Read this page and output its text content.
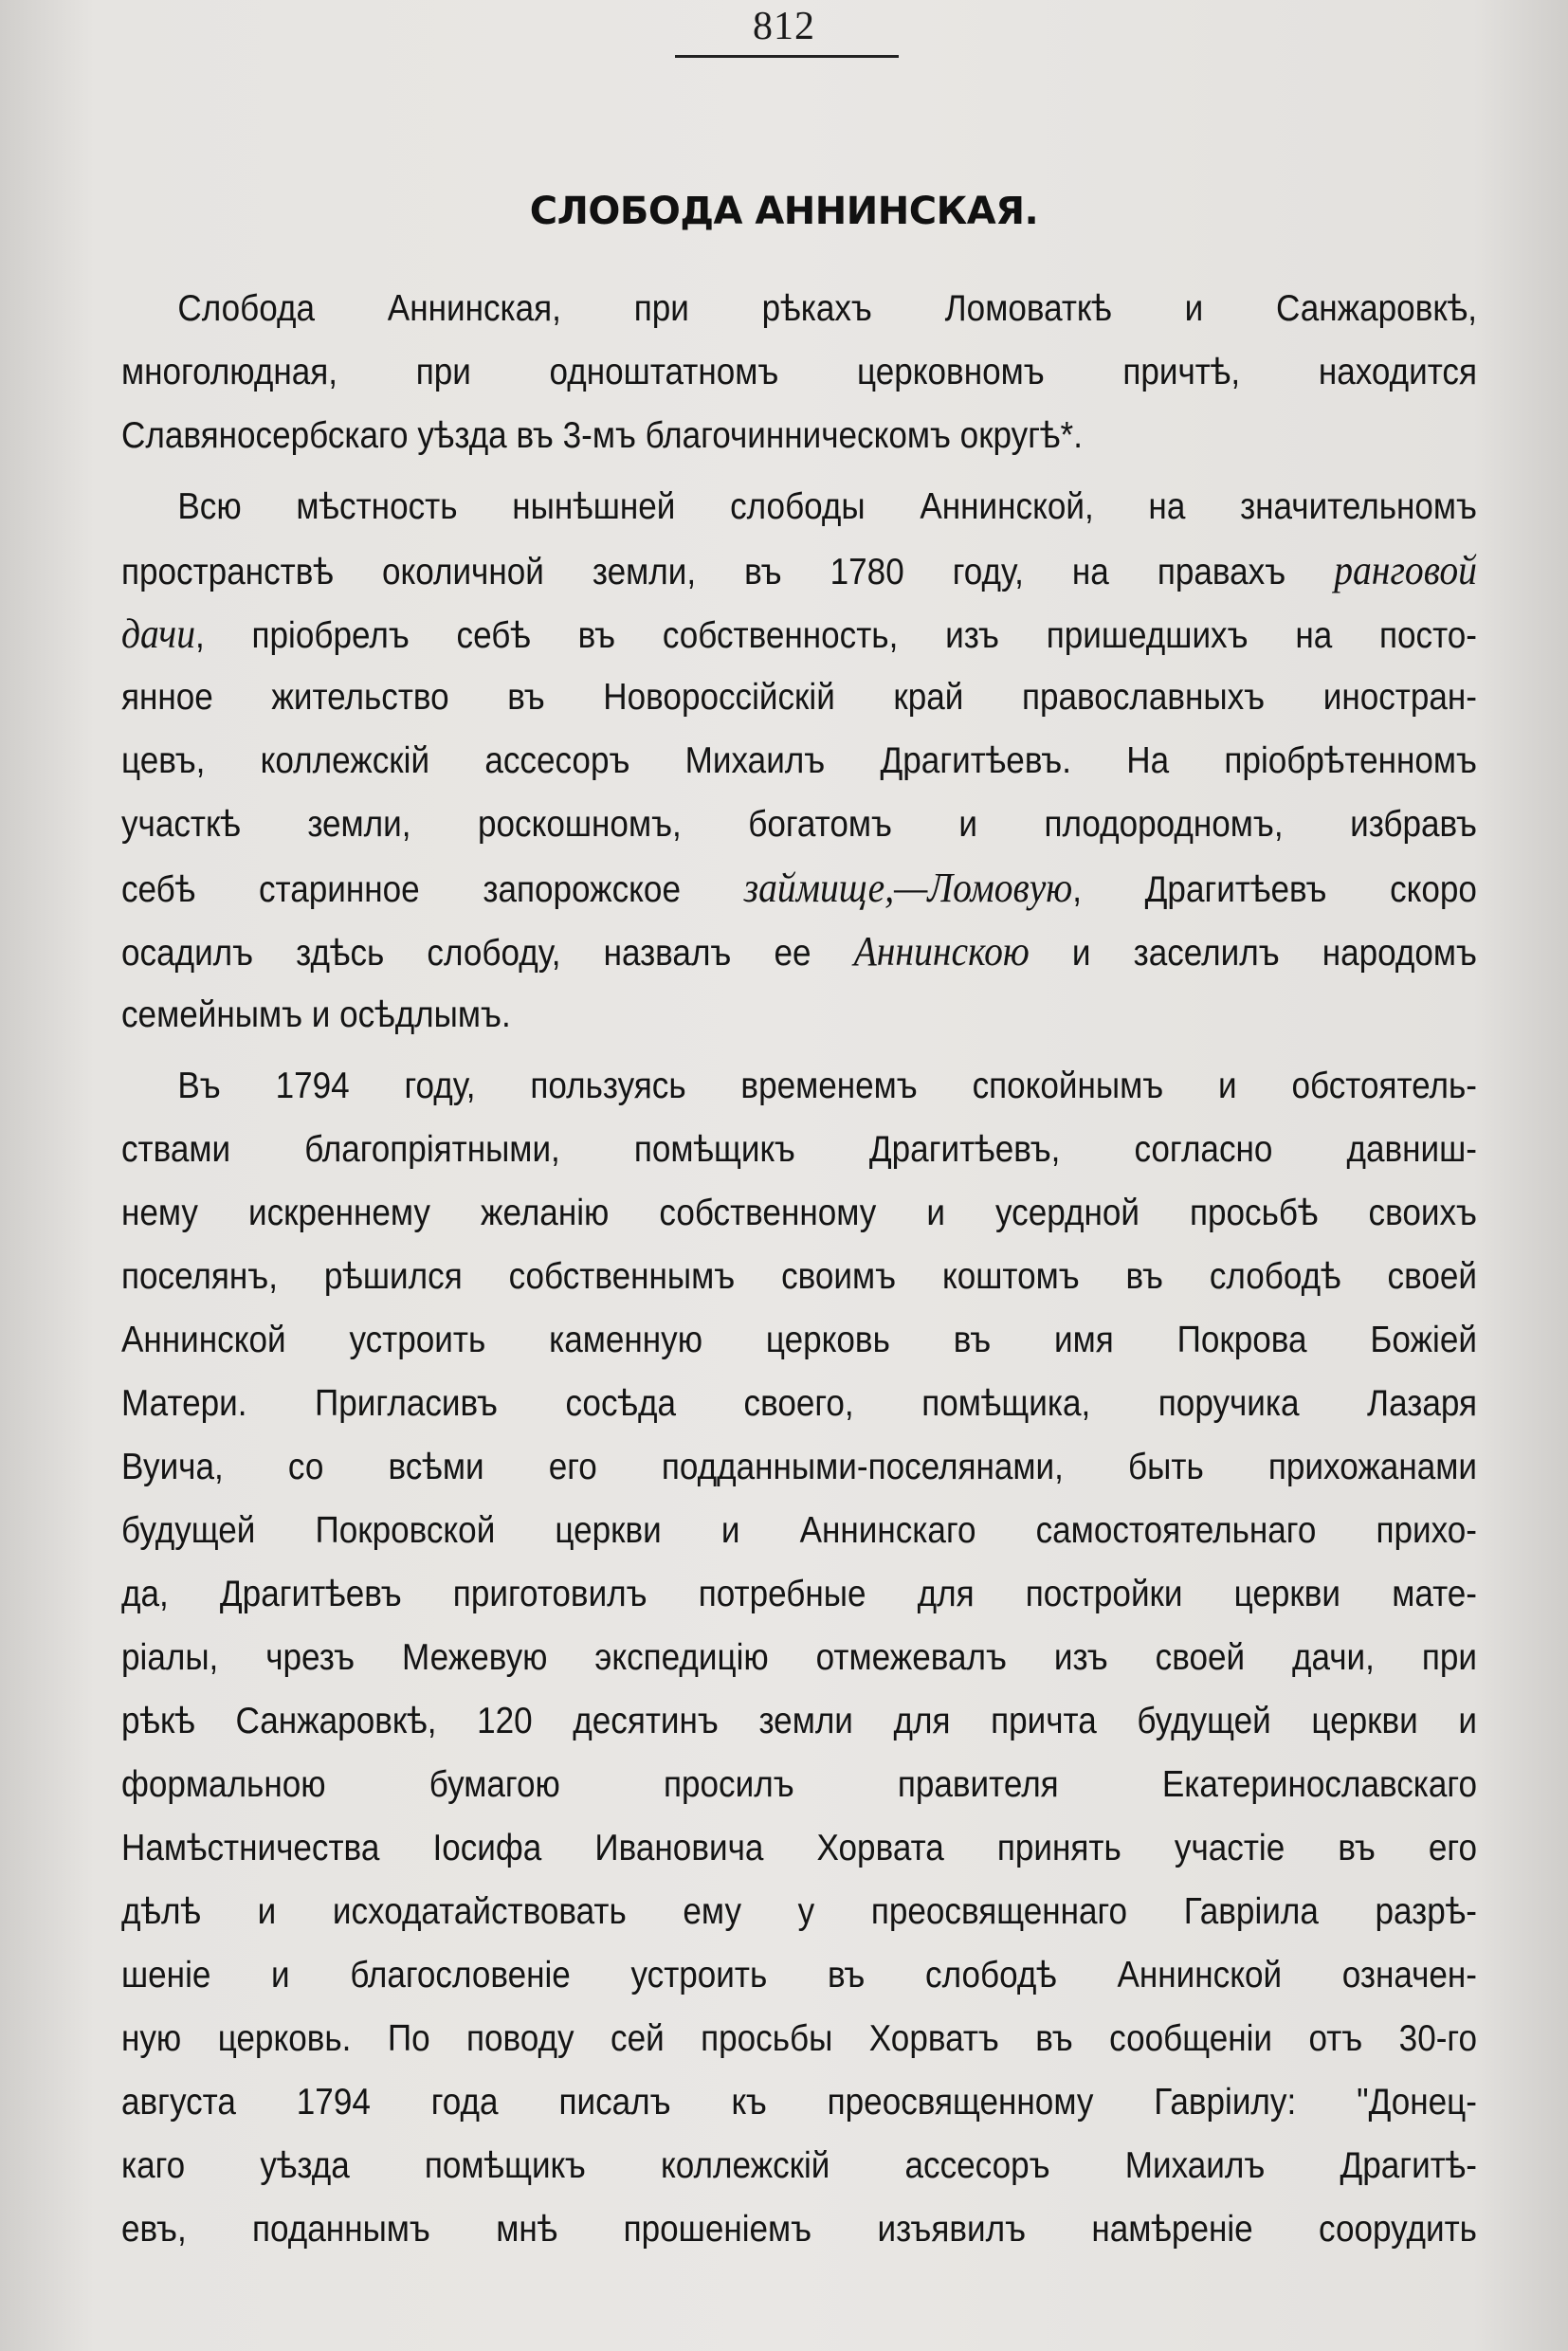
812
СЛОБОДА АННИНСКАЯ.
Слобода Аннинская, при рѣкахъ Ломоваткѣ и Санжаровкѣ,
многолюдная, при одноштатномъ церковномъ причтѣ, находится
Славяносербскаго уѣзда въ 3-мъ благочинническомъ округѣ*.
Всю мѣстность нынѣшней слободы Аннинской, на значительномъ
пространствѣ околичной земли, въ 1780 году, на правахъ ранговой
дачи, пріобрелъ себѣ въ собственность, изъ пришедшихъ на посто-
янное жительство въ Новороссійскій край православныхъ иностран-
цевъ, коллежскій ассесоръ Михаилъ Драгитѣевъ. На пріобрѣтенномъ
участкѣ земли, роскошномъ, богатомъ и плодородномъ, избравъ
себѣ старинное запорожское займище,—Ломовую, Драгитѣевъ скоро
осадилъ здѣсь слободу, назвалъ ее Аннинскою и заселилъ народомъ
семейнымъ и осѣдлымъ.
Въ 1794 году, пользуясь временемъ спокойнымъ и обстоятель-
ствами благопріятными, помѣщикъ Драгитѣевъ, согласно давниш-
нему искреннему желанію собственному и усердной просьбѣ своихъ
поселянъ, рѣшился собственнымъ своимъ коштомъ въ слободѣ своей
Аннинской устроить каменную церковь въ имя Покрова Божіей
Матери. Пригласивъ сосѣда своего, помѣщика, поручика Лазаря
Вуича, со всѣми его подданными-поселянами, быть прихожанами
будущей Покровской церкви и Аннинскаго самостоятельнаго прихо-
да, Драгитѣевъ приготовилъ потребные для постройки церкви мате-
ріалы, чрезъ Межевую экспедицію отмежевалъ изъ своей дачи, при
рѣкѣ Санжаровкѣ, 120 десятинъ земли для причта будущей церкви и
формальною бумагою просилъ правителя Екатеринославскаго
Намѣстничества Іосифа Ивановича Хорвата принять участіе въ его
дѣлѣ и исходатайствовать ему у преосвященнаго Гавріила разрѣ-
шеніе и благословеніе устроить въ слободѣ Аннинской означен-
ную церковь. По поводу сей просьбы Хорватъ въ сообщеніи отъ 30-го
августа 1794 года писалъ къ преосвященному Гавріилу: "Донец-
каго уѣзда помѣщикъ коллежскій ассесоръ Михаилъ Драгитѣ-
евъ, поданнымъ мнѣ прошеніемъ изъявилъ намѣреніе соорудить
